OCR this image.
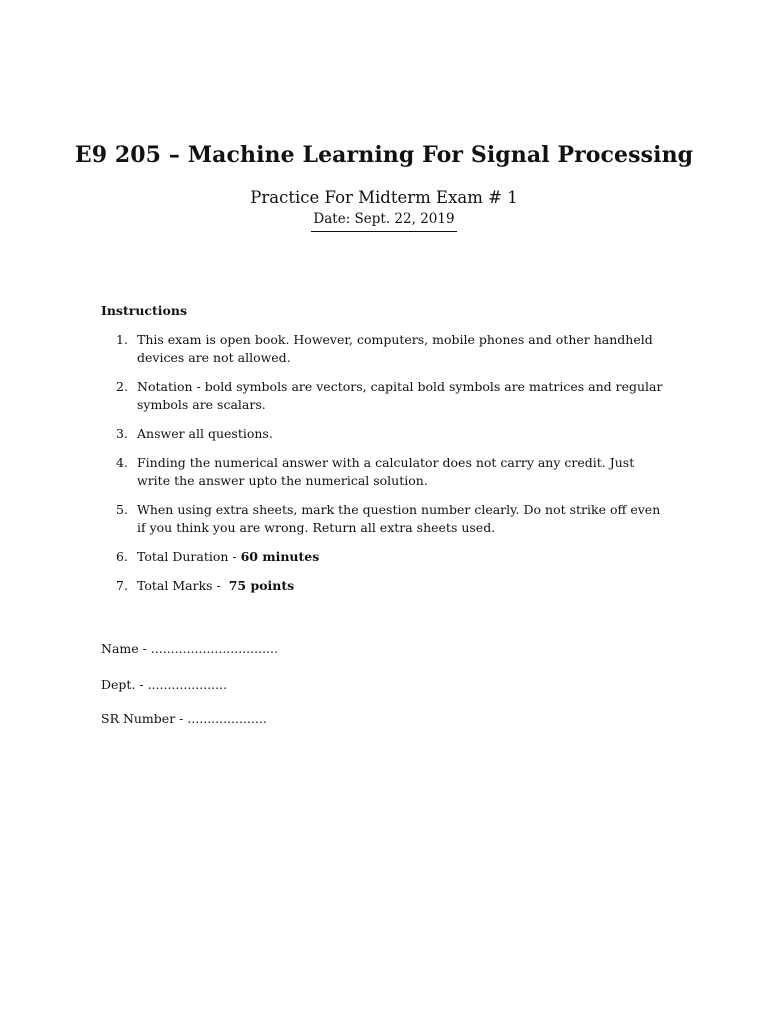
E9 205 – Machine Learning For Signal Processing
Practice For Midterm Exam # 1
Date: Sept. 22, 2019
Instructions
1. This exam is open book. However, computers, mobile phones and other handheld devices are not allowed.
2. Notation - bold symbols are vectors, capital bold symbols are matrices and regular symbols are scalars.
3. Answer all questions.
4. Finding the numerical answer with a calculator does not carry any credit. Just write the answer upto the numerical solution.
5. When using extra sheets, mark the question number clearly. Do not strike off even if you think you are wrong. Return all extra sheets used.
6. Total Duration - 60 minutes
7. Total Marks -  75 points
Name - ................................
Dept. - ....................
SR Number - ....................
